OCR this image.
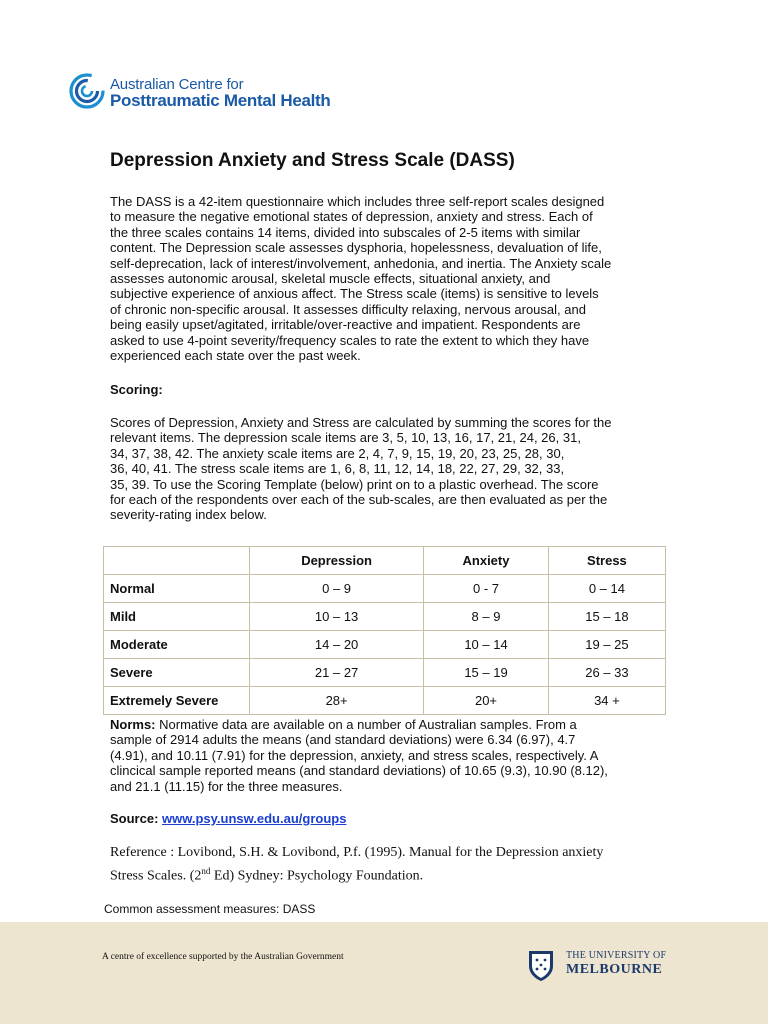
Australian Centre for
Posttraumatic Mental Health
Depression Anxiety and Stress Scale (DASS)
The DASS is a 42-item questionnaire which includes three self-report scales designed
to measure the negative emotional states of depression, anxiety and stress. Each of
the three scales contains 14 items, divided into subscales of 2-5 items with similar
content. The Depression scale assesses dysphoria, hopelessness, devaluation of life,
self-deprecation, lack of interest/involvement, anhedonia, and inertia. The Anxiety scale
assesses autonomic arousal, skeletal muscle effects, situational anxiety, and
subjective experience of anxious affect. The Stress scale (items) is sensitive to levels
of chronic non-specific arousal. It assesses difficulty relaxing, nervous arousal, and
being easily upset/agitated, irritable/over-reactive and impatient. Respondents are
asked to use 4-point severity/frequency scales to rate the extent to which they have
experienced each state over the past week.
Scoring:
Scores of Depression, Anxiety and Stress are calculated by summing the scores for the
relevant items. The depression scale items are 3, 5, 10, 13, 16, 17, 21, 24, 26, 31,
34, 37, 38, 42. The anxiety scale items are 2, 4, 7, 9, 15, 19, 20, 23, 25, 28, 30,
36, 40, 41. The stress scale items are 1, 6, 8, 11, 12, 14, 18, 22, 27, 29, 32, 33,
35, 39. To use the Scoring Template (below) print on to a plastic overhead. The score
for each of the respondents over each of the sub-scales, are then evaluated as per the
severity-rating index below.
	Depression	Anxiety	Stress
Normal	0 – 9	0 - 7	0 – 14
Mild	10 – 13	8 – 9	15 – 18
Moderate	14 – 20	10 – 14	19 – 25
Severe	21 – 27	15 – 19	26 – 33
Extremely Severe	28+	20+	34 +
Norms: Normative data are available on a number of Australian samples. From a
sample of 2914 adults the means (and standard deviations) were 6.34 (6.97), 4.7
(4.91), and 10.11 (7.91) for the depression, anxiety, and stress scales, respectively. A
clincical sample reported means (and standard deviations) of 10.65 (9.3), 10.90 (8.12),
and 21.1 (11.15) for the three measures.
Source: www.psy.unsw.edu.au/groups
Reference : Lovibond, S.H. & Lovibond, P.f. (1995). Manual for the Depression anxiety
Stress Scales. (2nd Ed) Sydney: Psychology Foundation.
Common assessment measures: DASS
A centre of excellence supported by the Australian Government	THE UNIVERSITY OF
MELBOURNE
